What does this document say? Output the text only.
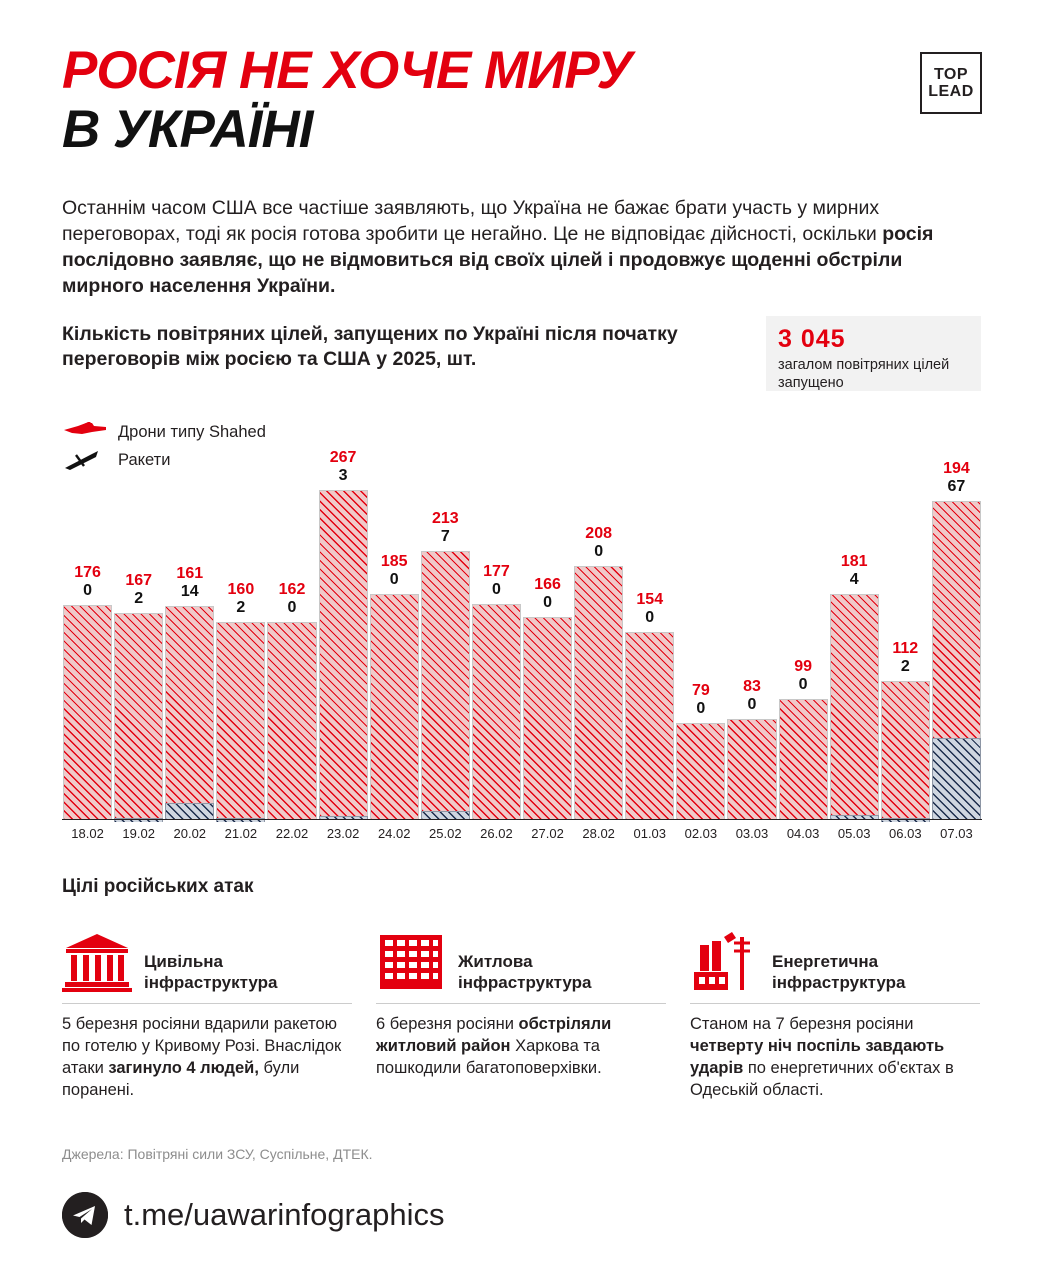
РОСІЯ НЕ ХОЧЕ МИРУ
В УКРАЇНІ
TOP
LEAD
Останнім часом США все частіше заявляють, що Україна не бажає брати участь у мирних переговорах, тоді як росія готова зробити це негайно. Це не відповідає дійсності, оскільки росія послідовно заявляє, що не відмовиться від своїх цілей і продовжує щоденні обстріли мирного населення України.
Кількість повітряних цілей, запущених по Україні після початку переговорів між росією та США у 2025, шт.
3 045
загалом повітряних цілей запущено
176
0
167
2
161
14	160
2
162
0
267
3
185
0
213
7
177
0	166
0
208
0
154
0
79
0
83
0
99
0
181
4
112
2
194
67
18.02	19.02	20.02	21.02	22.02	23.02	24.02	25.02	26.02	27.02	28.02	01.03	02.03	03.03	04.03	05.03	06.03	07.03
Дрони типу Shahed
Ракети
Цілі російських атак
Цивільна інфраструктура
5 березня росіяни вдарили ракетою по готелю у Кривому Розі. Внаслідок атаки загинуло 4 людей, були поранені.
Житлова інфраструктура
6 березня росіяни обстріляли житловий район Харкова та пошкодили багатоповерхівки.
Енергетична інфраструктура
Станом на 7 березня росіяни четверту ніч поспіль завдають ударів по енергетичних об'єктах в Одеській області.
Джерела: Повітряні сили ЗСУ, Суспільне, ДТЕК.
t.me/uawarinfographics
